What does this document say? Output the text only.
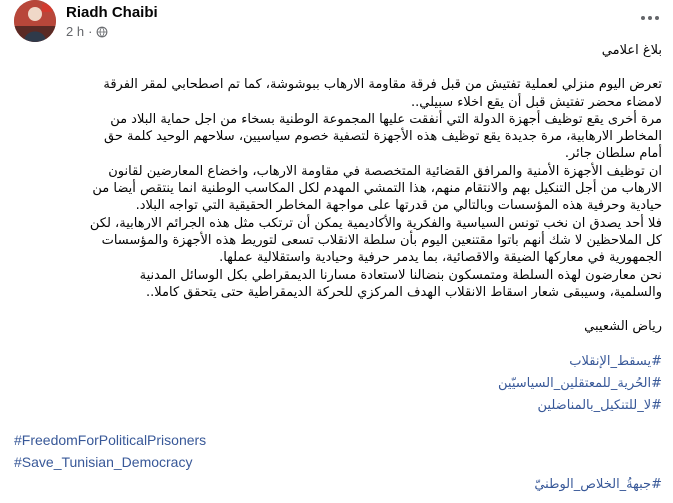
Riadh Chaibi
2 h ·

بلاغ اعلامي

تعرض اليوم منزلي لعملية تفتيش من قبل فرقة مقاومة الارهاب ببوشوشة، كما تم اصطحابي لمقر الفرقة

لامضاء محضر تفتيش قبل أن يقع اخلاء سبيلي..

مرة أخرى يقع توظيف أجهزة الدولة التي أنفقت عليها المجموعة الوطنية بسخاء من اجل حماية البلاد من

المخاطر الارهابية، مرة جديدة يقع توظيف هذه الأجهزة لتصفية خصوم سياسيين، سلاحهم الوحيد كلمة حق

أمام سلطان جائر.

ان توظيف الأجهزة الأمنية والمرافق القضائية المتخصصة في مقاومة الارهاب، واخضاع المعارضين لقانون

الارهاب من أجل التنكيل بهم والانتقام منهم، هذا التمشي المهدم لكل المكاسب الوطنية انما ينتقص أيضا من

حيادية وحرفية هذه المؤسسات وبالتالي من قدرتها على مواجهة المخاطر الحقيقية التي تواجه البلاد.

فلا أحد يصدق ان نخب تونس السياسية والفكرية والأكاديمية يمكن أن ترتكب مثل هذه الجرائم الارهابية، لكن

كل الملاحظين لا شك أنهم باتوا مقتنعين اليوم بأن سلطة الانقلاب تسعى لتوريط هذه الأجهزة والمؤسسات

الجمهورية في معاركها الضيقة والاقصائية، بما يدمر حرفية وحيادية واستقلالية عملها.

نحن معارضون لهذه السلطة ومتمسكون بنضالنا لاستعادة مسارنا الديمقراطي بكل الوسائل المدنية

والسلمية، وسيبقى شعار اسقاط الانقلاب الهدف المركزي للحركة الديمقراطية حتى يتحقق كاملا..

رياض الشعيبي

#يسقط_الإنقلاب
#الحُرية_للمعتقلين_السياسيّين
#لا_للتنكيل_بالمناضلين
#FreedomForPoliticalPrisoners
#Save_Tunisian_Democracy
#جبهةُ_الخلاص_الوطنيّ
